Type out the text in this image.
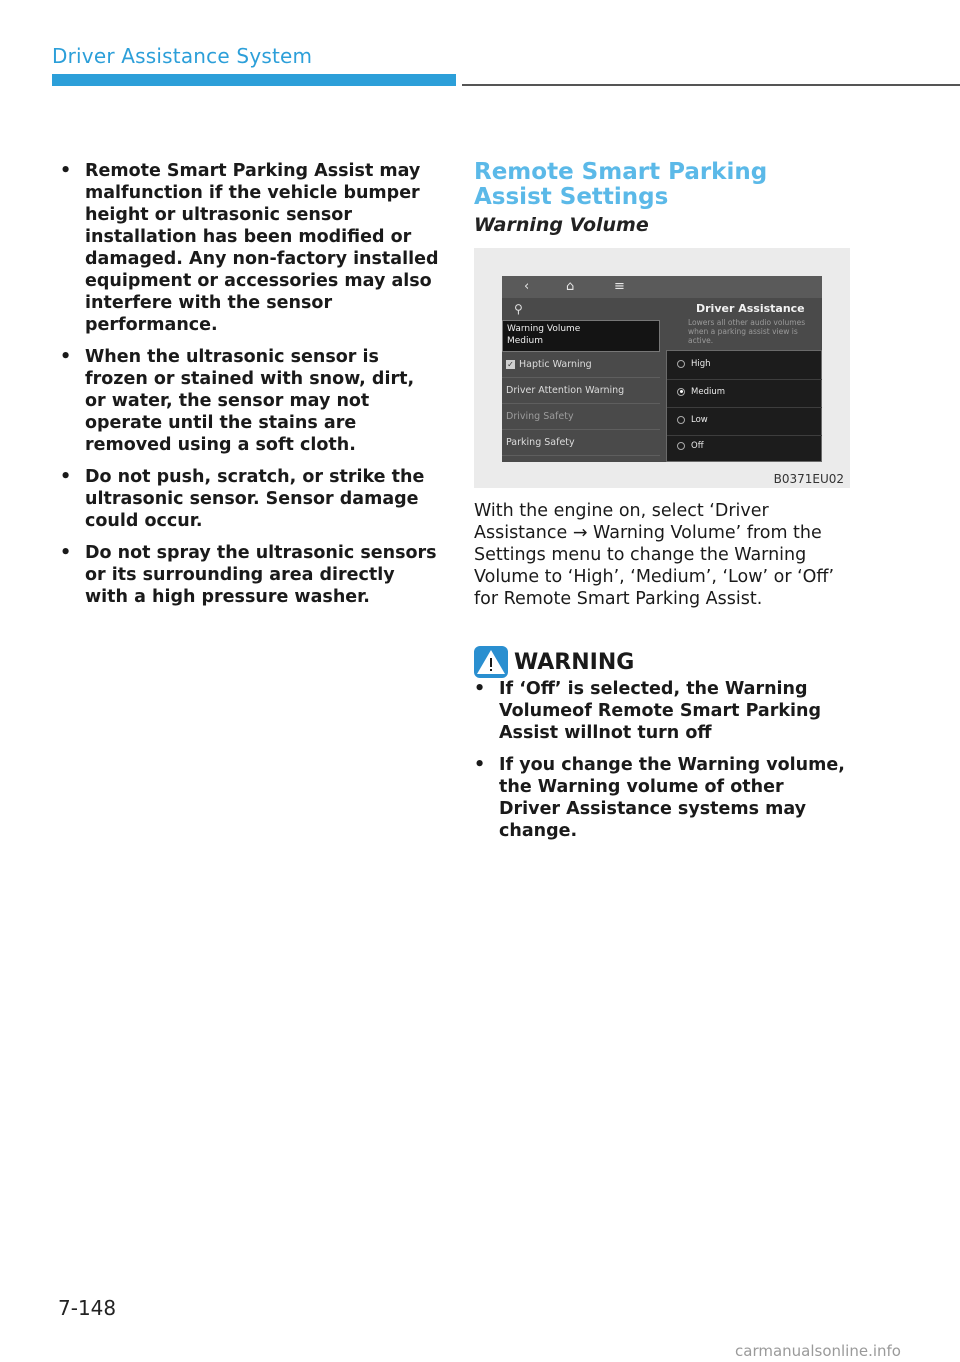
Driver Assistance System
• Remote Smart Parking Assist may malfunction if the vehicle bumper height or ultrasonic sensor installation has been modified or damaged. Any non-factory installed equipment or accessories may also interfere with the sensor performance.
• When the ultrasonic sensor is frozen or stained with snow, dirt, or water, the sensor may not operate until the stains are removed using a soft cloth.
• Do not push, scratch, or strike the ultrasonic sensor. Sensor damage could occur.
• Do not spray the ultrasonic sensors or its surrounding area directly with a high pressure washer.
Remote Smart Parking Assist Settings
Warning Volume
‹	⌂	≡
⚲	Driver Assistance
Lowers all other audio volumes when a parking assist view is active.
Warning Volume
Medium
✓ Haptic Warning
Driver Attention Warning
Driving Safety
Parking Safety
High
Medium
Low
Off
B0371EU02

With the engine on, select ‘Driver Assistance → Warning Volume’ from the Settings menu to change the Warning Volume to ‘High’, ‘Medium’, ‘Low’ or ‘Off’ for Remote Smart Parking Assist.

WARNING
• If ‘Off’ is selected, the Warning Volumeof Remote Smart Parking Assist willnot turn off
• If you change the Warning volume, the Warning volume of other Driver Assistance systems may change.
7-148
carmanualsonline.info
